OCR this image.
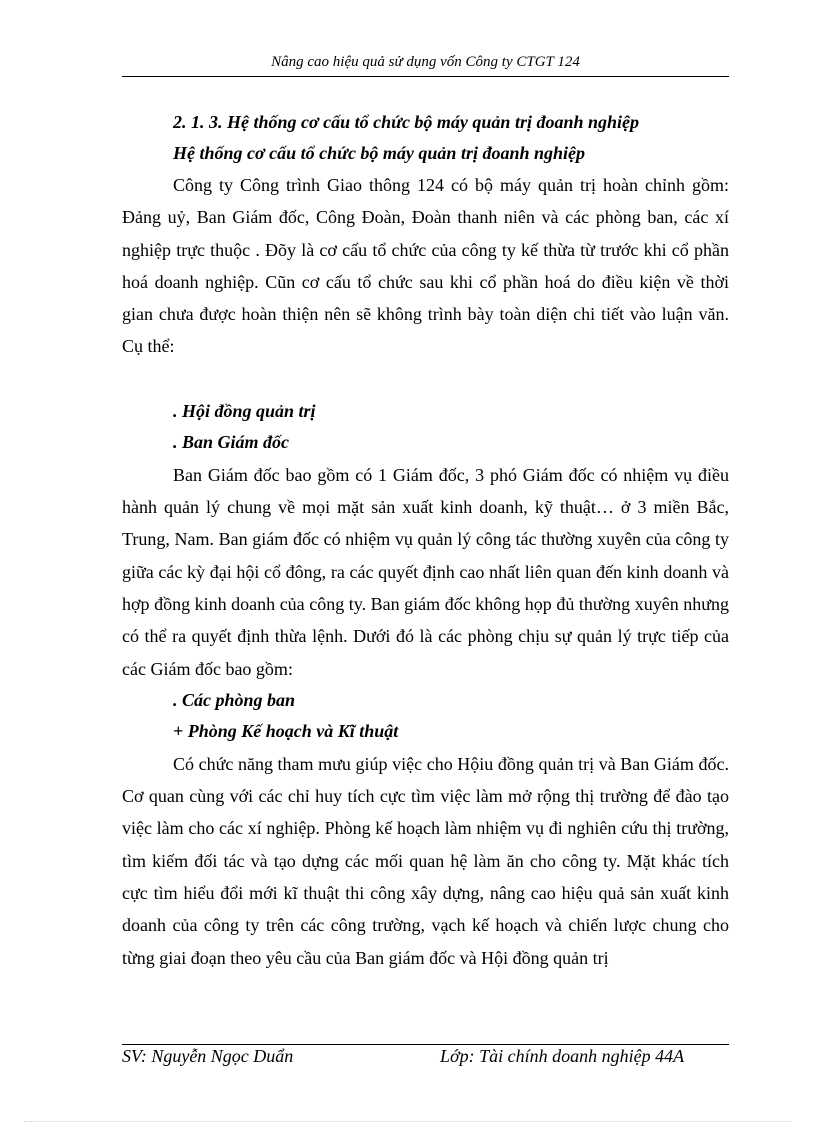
Nâng cao hiệu quả sử dụng vốn Công ty CTGT 124

2. 1. 3. Hệ thống cơ cấu tổ chức bộ máy quản trị đoanh nghiệp

Hệ thống cơ cấu tổ chức bộ máy quản trị đoanh nghiệp

Công ty Công trình Giao thông 124 có bộ máy quản trị hoàn chỉnh gồm: Đảng uỷ, Ban Giám đốc, Công Đoàn, Đoàn thanh niên và các phòng ban, các xí nghiệp trực thuộc . Đõy là cơ cấu tổ chức của công ty kế thừa từ trước khi cổ phần hoá doanh nghiệp. Cũn cơ cấu tổ chức sau khi cổ phần hoá do điều kiện về thời gian chưa được hoàn thiện nên sẽ không trình bày toàn diện chi tiết vào luận văn. Cụ thể:

. Hội đồng quản trị

. Ban Giám đốc

Ban Giám đốc bao gồm có 1 Giám đốc, 3 phó Giám đốc có nhiệm vụ điều hành quản lý chung về mọi mặt sản xuất kinh doanh, kỹ thuật… ở 3 miền Bắc, Trung, Nam. Ban giám đốc có nhiệm vụ quản lý công tác thường xuyên của công ty giữa các kỳ đại hội cổ đông, ra các quyết định cao nhất liên quan đến kinh doanh và hợp đồng kinh doanh của công ty. Ban giám đốc không họp đủ thường xuyên nhưng có thể ra quyết định thừa lệnh. Dưới đó là các phòng chịu sự quản lý trực tiếp của các Giám đốc bao gồm:

. Các phòng ban

+ Phòng Kế hoạch và Kĩ thuật

Có chức năng tham mưu giúp việc cho Hộiu đồng quản trị và Ban Giám đốc. Cơ quan cùng với các chỉ huy tích cực tìm việc làm mở rộng thị trường để đào tạo việc làm cho các xí nghiệp. Phòng kế hoạch làm nhiệm vụ đi nghiên cứu thị trường, tìm kiếm đối tác và tạo dựng các mối quan hệ làm ăn cho công ty. Mặt khác tích cực tìm hiểu đổi mới kĩ thuật thi công xây dựng, nâng cao hiệu quả sản xuất kinh doanh của công ty trên các công trường, vạch kế hoạch và chiến lược chung cho từng giai đoạn theo yêu cầu của Ban giám đốc và Hội đồng quản trị

SV: Nguyễn Ngọc Duẩn	Lớp: Tài chính doanh nghiệp 44A
